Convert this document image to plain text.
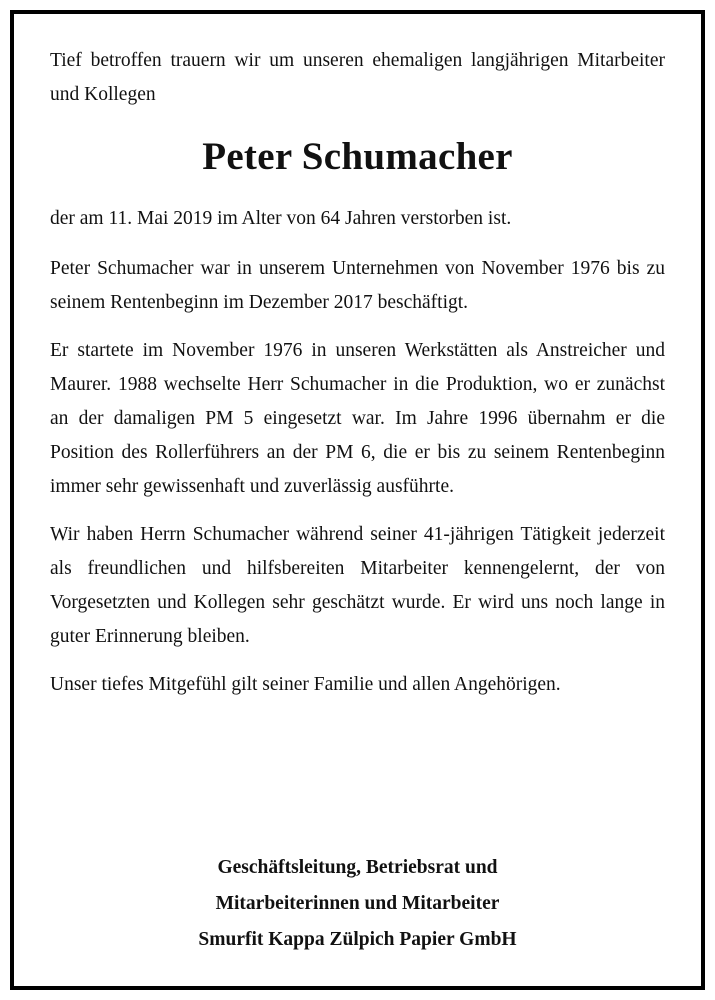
Tief betroffen trauern wir um unseren ehemaligen langjährigen Mitarbeiter und Kollegen

Peter Schumacher

der am 11. Mai 2019 im Alter von 64 Jahren verstorben ist.

Peter Schumacher war in unserem Unternehmen von November 1976 bis zu seinem Rentenbeginn im Dezember 2017 beschäftigt.

Er startete im November 1976 in unseren Werkstätten als Anstreicher und Maurer. 1988 wechselte Herr Schumacher in die Produktion, wo er zunächst an der damaligen PM 5 eingesetzt war. Im Jahre 1996 übernahm er die Position des Rollerführers an der PM 6, die er bis zu seinem Rentenbeginn immer sehr gewissenhaft und zuverlässig ausführte.

Wir haben Herrn Schumacher während seiner 41-jährigen Tätigkeit jederzeit als freundlichen und hilfsbereiten Mitarbeiter kennengelernt, der von Vorgesetzten und Kollegen sehr geschätzt wurde. Er wird uns noch lange in guter Erinnerung bleiben.

Unser tiefes Mitgefühl gilt seiner Familie und allen Angehörigen.

Geschäftsleitung, Betriebsrat und
Mitarbeiterinnen und Mitarbeiter
Smurfit Kappa Zülpich Papier GmbH
